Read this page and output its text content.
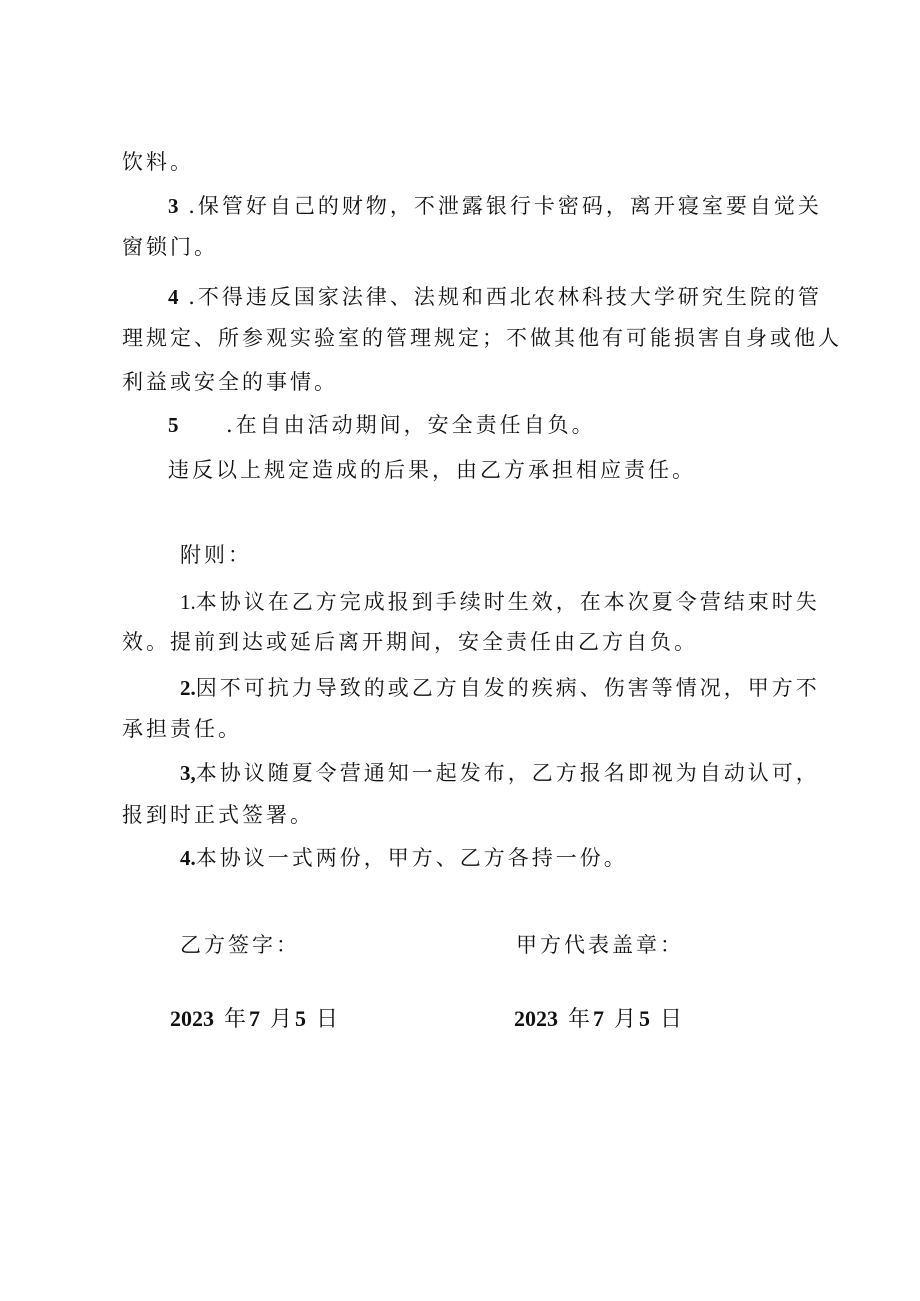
饮料。
3 .保管好自己的财物，不泄露银行卡密码，离开寝室要自觉关
窗锁门。
4 .不得违反国家法律、法规和西北农林科技大学研究生院的管
理规定、所参观实验室的管理规定；不做其他有可能损害自身或他人
利益或安全的事情。
5 .在自由活动期间，安全责任自负。
违反以上规定造成的后果，由乙方承担相应责任。
附则：
1.本协议在乙方完成报到手续时生效，在本次夏令营结束时失
效。提前到达或延后离开期间，安全责任由乙方自负。
2.因不可抗力导致的或乙方自发的疾病、伤害等情况，甲方不
承担责任。
3,本协议随夏令营通知一起发布，乙方报名即视为自动认可，
报到时正式签署。
4.本协议一式两份，甲方、乙方各持一份。
乙方签字：	甲方代表盖章：
2023 年7 月5 日	2023 年7 月5 日
